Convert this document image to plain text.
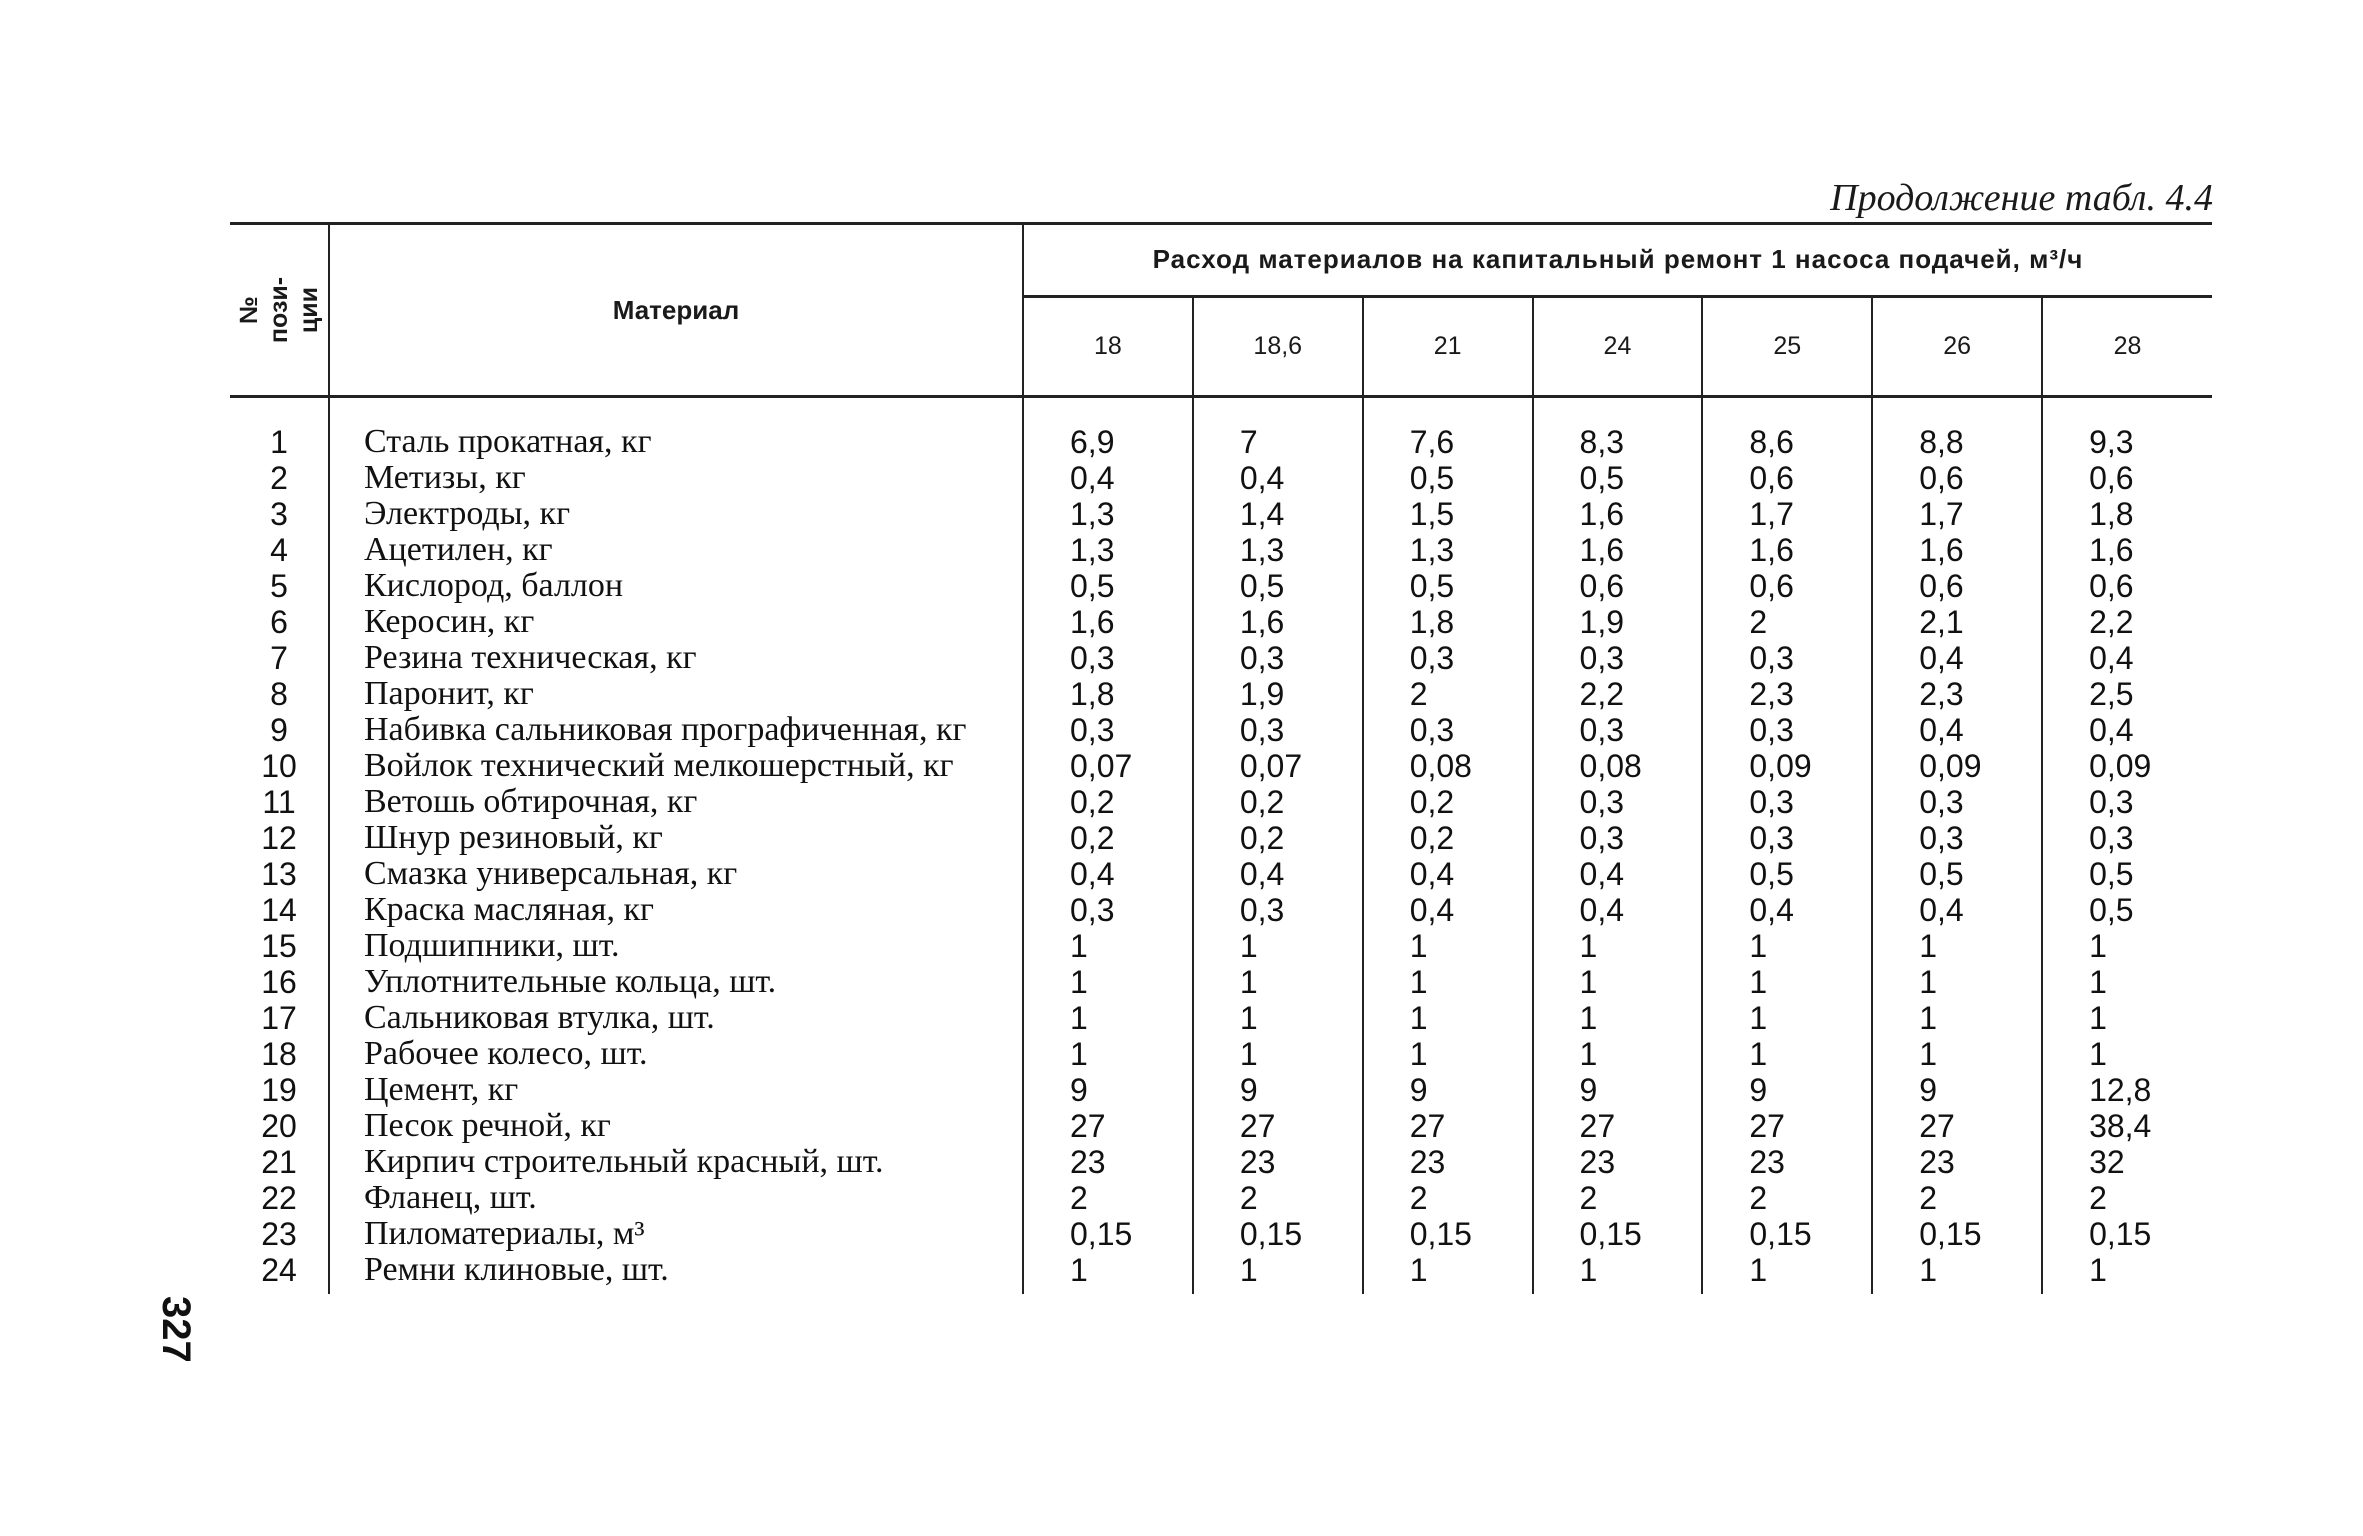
Продолжение табл. 4.4
327
№ пози-
ции	Материал	Расход материалов на капитальный ремонт 1 насоса подачей, м³/ч						
		18	18,6	21	24	25	26	28
1	Сталь прокатная, кг	6,9	7	7,6	8,3	8,6	8,8	9,3
2	Метизы, кг	0,4	0,4	0,5	0,5	0,6	0,6	0,6
3	Электроды, кг	1,3	1,4	1,5	1,6	1,7	1,7	1,8
4	Ацетилен, кг	1,3	1,3	1,3	1,6	1,6	1,6	1,6
5	Кислород, баллон	0,5	0,5	0,5	0,6	0,6	0,6	0,6
6	Керосин, кг	1,6	1,6	1,8	1,9	2	2,1	2,2
7	Резина техническая, кг	0,3	0,3	0,3	0,3	0,3	0,4	0,4
8	Паронит, кг	1,8	1,9	2	2,2	2,3	2,3	2,5
9	Набивка сальниковая прографиченная, кг	0,3	0,3	0,3	0,3	0,3	0,4	0,4
10	Войлок технический мелкошерстный, кг	0,07	0,07	0,08	0,08	0,09	0,09	0,09
11	Ветошь обтирочная, кг	0,2	0,2	0,2	0,3	0,3	0,3	0,3
12	Шнур резиновый, кг	0,2	0,2	0,2	0,3	0,3	0,3	0,3
13	Смазка универсальная, кг	0,4	0,4	0,4	0,4	0,5	0,5	0,5
14	Краска масляная, кг	0,3	0,3	0,4	0,4	0,4	0,4	0,5
15	Подшипники, шт.	1	1	1	1	1	1	1
16	Уплотнительные кольца, шт.	1	1	1	1	1	1	1
17	Сальниковая втулка, шт.	1	1	1	1	1	1	1
18	Рабочее колесо, шт.	1	1	1	1	1	1	1
19	Цемент, кг	9	9	9	9	9	9	12,8
20	Песок речной, кг	27	27	27	27	27	27	38,4
21	Кирпич строительный красный, шт.	23	23	23	23	23	23	32
22	Фланец, шт.	2	2	2	2	2	2	2
23	Пиломатериалы, м³	0,15	0,15	0,15	0,15	0,15	0,15	0,15
24	Ремни клиновые, шт.	1	1	1	1	1	1	1
